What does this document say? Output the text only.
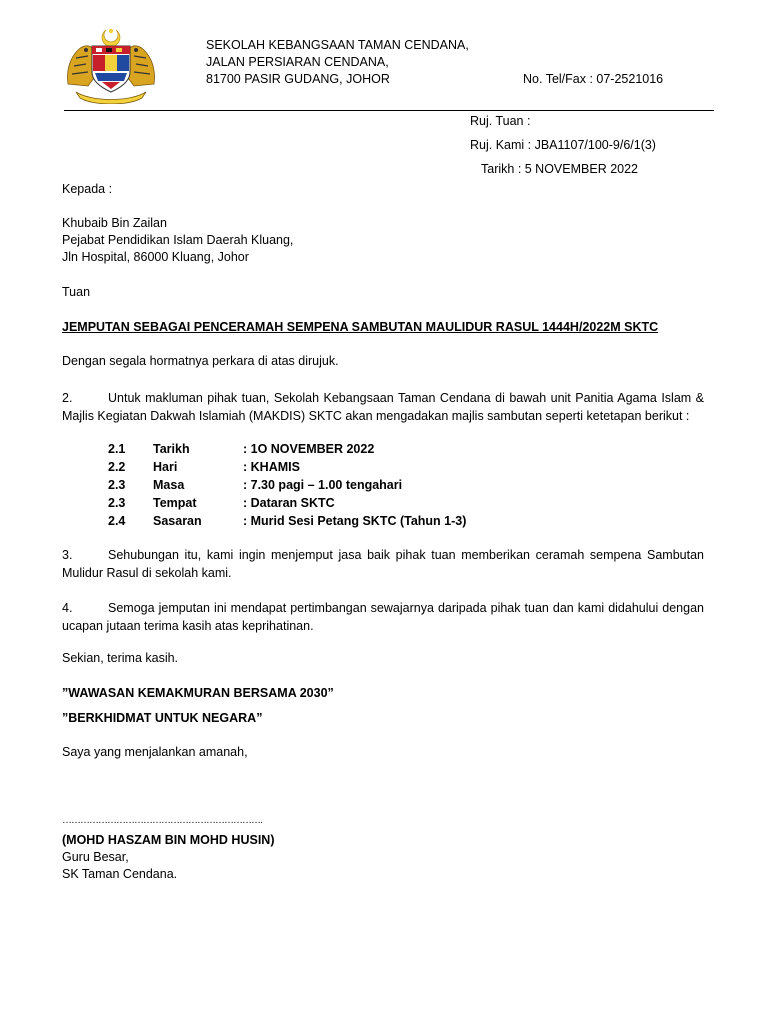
SEKOLAH KEBANGSAAN TAMAN CENDANA,
JALAN PERSIARAN CENDANA,
81700 PASIR GUDANG, JOHOR	No. Tel/Fax : 07-2521016
Ruj. Tuan :
Ruj. Kami : JBA1107/100-9/6/1(3)
Tarikh : 5 NOVEMBER 2022
Kepada :
Khubaib Bin Zailan
Pejabat Pendidikan Islam Daerah Kluang,
Jln Hospital, 86000 Kluang, Johor
Tuan
JEMPUTAN SEBAGAI PENCERAMAH SEMPENA SAMBUTAN MAULIDUR RASUL 1444H/2022M SKTC
Dengan segala hormatnya perkara di atas dirujuk.
2.	Untuk makluman pihak tuan, Sekolah Kebangsaan Taman Cendana di bawah unit Panitia Agama Islam & Majlis Kegiatan Dakwah Islamiah (MAKDIS) SKTC akan mengadakan majlis sambutan seperti ketetapan berikut :
2.1 Tarikh	: 1O NOVEMBER 2022
2.2 Hari	: KHAMIS
2.3 Masa	: 7.30 pagi – 1.00 tengahari
2.3 Tempat	: Dataran SKTC
2.4 Sasaran	: Murid Sesi Petang SKTC (Tahun 1-3)
3.	Sehubungan itu, kami ingin menjemput jasa baik pihak tuan memberikan ceramah sempena Sambutan Mulidur Rasul di sekolah kami.
4.	Semoga jemputan ini mendapat pertimbangan sewajarnya daripada pihak tuan dan kami didahului dengan ucapan jutaan terima kasih atas keprihatinan.
Sekian, terima kasih.
”WAWASAN KEMAKMURAN BERSAMA 2030”
”BERKHIDMAT UNTUK NEGARA”
Saya yang menjalankan amanah,
………………………………………………………….
(MOHD HASZAM BIN MOHD HUSIN)
Guru Besar,
SK Taman Cendana.
